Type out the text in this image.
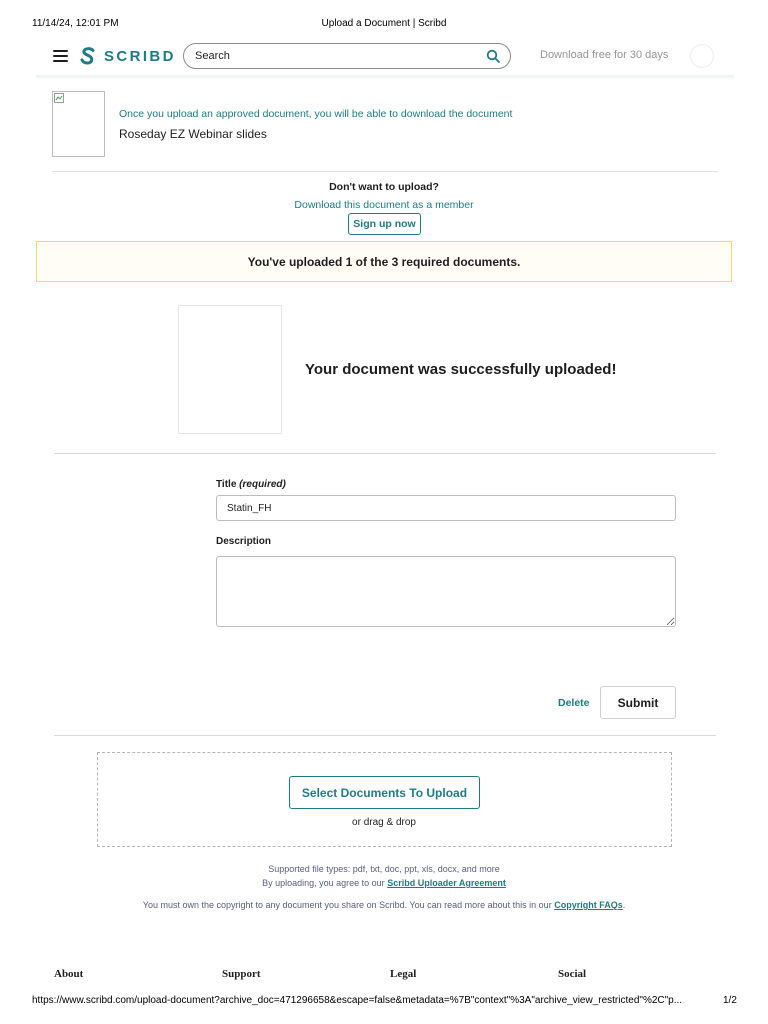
11/14/24, 12:01 PM	Upload a Document | Scribd
SCRIBD Search	Download free for 30 days
Once you upload an approved document, you will be able to download the document
Roseday EZ Webinar slides
Don't want to upload?
Download this document as a member
Sign up now
You've uploaded 1 of the 3 required documents.
Your document was successfully uploaded!
Title (required)
Statin_FH
Description
Delete	Submit
Select Documents To Upload
or drag & drop
Supported file types: pdf, txt, doc, ppt, xls, docx, and more
By uploading, you agree to our Scribd Uploader Agreement
You must own the copyright to any document you share on Scribd. You can read more about this in our Copyright FAQs.
About	Support	Legal	Social
https://www.scribd.com/upload-document?archive_doc=471296658&escape=false&metadata=%7B"context"%3A"archive_view_restricted"%2C"p...	1/2
